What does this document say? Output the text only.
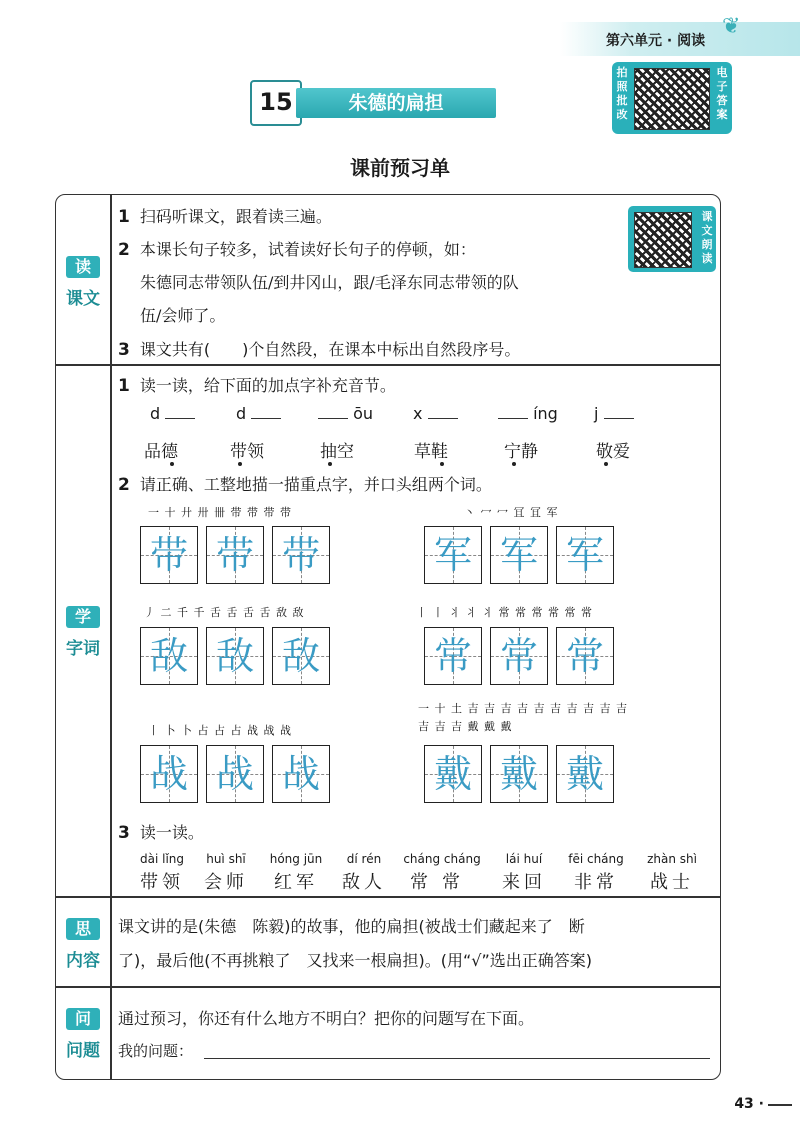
第六单元 · 阅读
❦
15	朱德的扁担
拍照批改
电子答案
课前预习单
读
课文
学
字词
思
内容
问
问题
1 扫码听课文，跟着读三遍。
2 本课长句子较多，试着读好长句子的停顿，如：
朱德同志带领队伍/到井冈山，跟/毛泽东同志带领的队
伍/会师了。
3 课文共有(　　)个自然段，在课本中标出自然段序号。
课文朗读
1 读一读，给下面的加点字补充音节。
d	d	ōu x	íng j
品德	带领	抽空	草鞋	宁静	敬爱
2 请正确、工整地描一描重点字，并口头组两个词。
一 十 廾 卅 卌 带 带 带 带
带 带 带
丶 冖 冖 冝 冝 军
军 军 军
丿 二 千 千 舌 舌 舌 舌 敌 敌
敌 敌 敌
丨 丨 丬 丬 丬 常 常 常 常 常 常
常 常 常
丨 卜 卜 占 占 占 战 战 战
战 战 战
一 十 土 吉 吉 吉 吉 吉 吉 吉 吉 吉 吉 吉 吉 吉 戴 戴 戴
戴 戴 戴
3 读一读。
dài lǐng
带领
huì shī
会师
hóng jūn
红军
dí rén
敌人
cháng cháng
常常
lái huí
来回
fēi cháng
非常
zhàn shì
战士
课文讲的是(朱德　陈毅)的故事，他的扁担(被战士们藏起来了　断
了)，最后他(不再挑粮了　又找来一根扁担)。(用“√”选出正确答案)
通过预习，你还有什么地方不明白？把你的问题写在下面。
我的问题：
43 ·
